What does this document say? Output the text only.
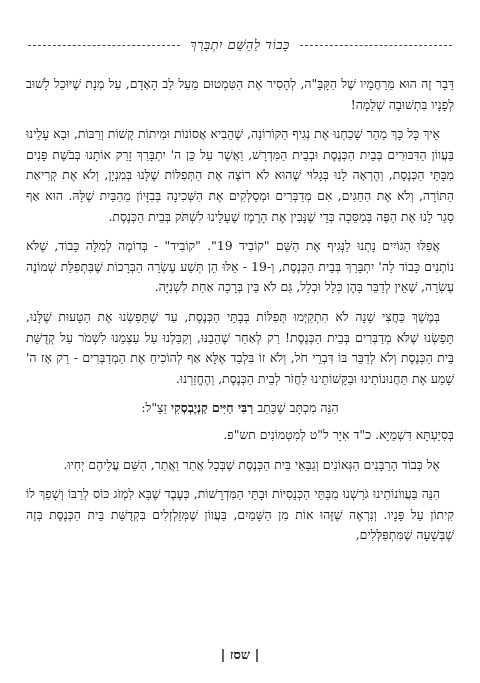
כָּבוֹד לַהַשֵּׁם יִתְבָּרַךְ

דָּבָר זֶה הוּא מֵרַחֲמָיו שֶׁל הַקָּבָּ"ה, לְהָסִיר אֶת הַטִּמְטוּם מֵעַל לֵב הָאָדָם, עַל מְנָת שֶׁיּוּכַל לָשׁוּב לְפָנָיו בִּתְשׁוּבָה שְׁלֵמָה!

אֵיךְ כָּל כָּךְ מַהֵר שָׁכַחְנוּ אֶת נְגִיף הַקּוֹרוֹנָה, שֶׁהֵבִיא אֲסוֹנוֹת וּמִיתוֹת קָשׁוֹת וְרַבּוֹת, וּבָא עָלֵינוּ בַּעֲווֹן הַדִּבּוּרִים בְּבֵית הַכְּנֶסֶת וּבְבֵית הַמִּדְרָשׁ, וַאֲשֶׁר עַל כֵּן ה' יִתְבָּרַךְ זָרַק אוֹתָנוּ בְּבֹשֶׁת פָּנִים מִבָּתֵּי הַכְּנֶסֶת, וְהֶרְאָה לָנוּ בְּגָלוּי שֶׁהוּא לֹא רוֹצֶה אֶת הַתְּפִלּוֹת שֶׁלָּנוּ בְּמִנְיָן, וְלֹא אֶת קְרִיאַת הַתּוֹרָה, וְלֹא אֶת הַחַגִּים, אִם מְדַבְּרִים וּמְסַלְּקִים אֶת הַשְּׁכִינָה בְּבִזָּיוֹן מֵהַבַּיִת שֶׁלָּהּ. הוּא אַף סָגַר לָנוּ אֶת הַפֶּה בְּמַסֵּכָה כְּדֵי שֶׁנָּבִין אֶת הָרֶמֶז שֶׁעָלֵינוּ לִשְׁתֹּק בְּבֵית הַכְּנֶסֶת.

אֲפִלּוּ הַגּוֹיִים נָתְנוּ לַנְּגִיף אֶת הַשֵּׁם "קוֹבִיד 19". "קוֹבִיד" - בְּדוֹמֶה לְמִלָּה כָּבוֹד, שֶׁלֹּא נוֹתְנִים כָּבוֹד לַה' יִתְבָּרַךְ בְּבֵית הַכְּנֶסֶת, וְ-19 - אֵלּוּ הֵן תְּשַׁע עֶשְׂרֵה הַבְּרָכוֹת שֶׁבִּתְפִלַּת שְׁמוֹנֶה עֶשְׂרֵה, שֶׁאֵין לְדַבֵּר בָּהֶן כְּלָל וּכְלָל, גַּם לֹא בֵּין בְּרָכָה אַחַת לִשְׁנִיָּה.

בְּמֶשֶׁךְ כַּחֲצִי שָׁנָה לֹא הִתְקַיְּמוּ תְּפִלּוֹת בְּבָתֵּי הַכְּנֶסֶת, עַד שֶׁתָּפַשְׂנוּ אֶת הַטָּעוּת שֶׁלָּנוּ, תָּפַשְׂנוּ שֶׁלֹּא מְדַבְּרִים בְּבֵית הַכְּנֶסֶת! רַק לְאַחַר שֶׁהֵבַנּוּ, וְקִבַּלְנוּ עַל עַצְמֵנוּ לִשְׁמֹר עַל קְדֻשַּׁת בֵּית הַכְּנֶסֶת וְלֹא לְדַבֵּר בּוֹ דִּבְרֵי חֹל, וְלֹא זוֹ בִּלְבַד אֶלָּא אַף לְהוֹכִיחַ אֶת הַמְדַבְּרִים - רַק אָז ה' שָׁמַע אֶת תַּחֲנוּנוֹתֵינוּ וּבַקָּשׁוֹתֵינוּ לַחֲזֹר לְבֵית הַכְּנֶסֶת, וְהֶחֱזַרְנוּ.

הִנֵּה מִכְתָּב שֶׁכָּתַב רַבִּי חַיִּים קַנְיֶבְסְקִי זַצַ"ל:

בְּסִיַּעְתָּא דִּשְׁמַיָּא. כ"ד אִיָּר ל"ט לְמִטְמוֹנִים תש"פ.

אֶל כְּבוֹד הָרַבָּנִים הַגְּאוֹנִים וְגַבָּאֵי בֵּית הַכְּנֶסֶת שֶׁבְּכָל אֲתַר וַאֲתַר, הַשֵּׁם עֲלֵיהֶם יְחִיוּ.

הִנֵּה בַּעֲווֹנוֹתֵינוּ גֹּרַשְׁנוּ מִבָּתֵּי הַכְּנֵסִיּוֹת וּבָתֵּי הַמִּדְרָשׁוֹת, כְּעֶבֶד שֶׁבָּא לִמְזֹג כּוֹס לְרַבּוֹ וְשָׁפַךְ לוֹ קִיתוֹן עַל פָּנָיו. וְנִרְאֶה שֶׁזֶּהוּ אוֹת מִן הַשָּׁמַיִם, בַּעֲווֹן שֶׁמְּזַלְזְלִים בִּקְדֻשַּׁת בֵּית הַכְּנֶסֶת בְּזֶה שֶׁבְּשָׁעָה שֶׁמִּתְפַּלְּלִים,

| שסז |
